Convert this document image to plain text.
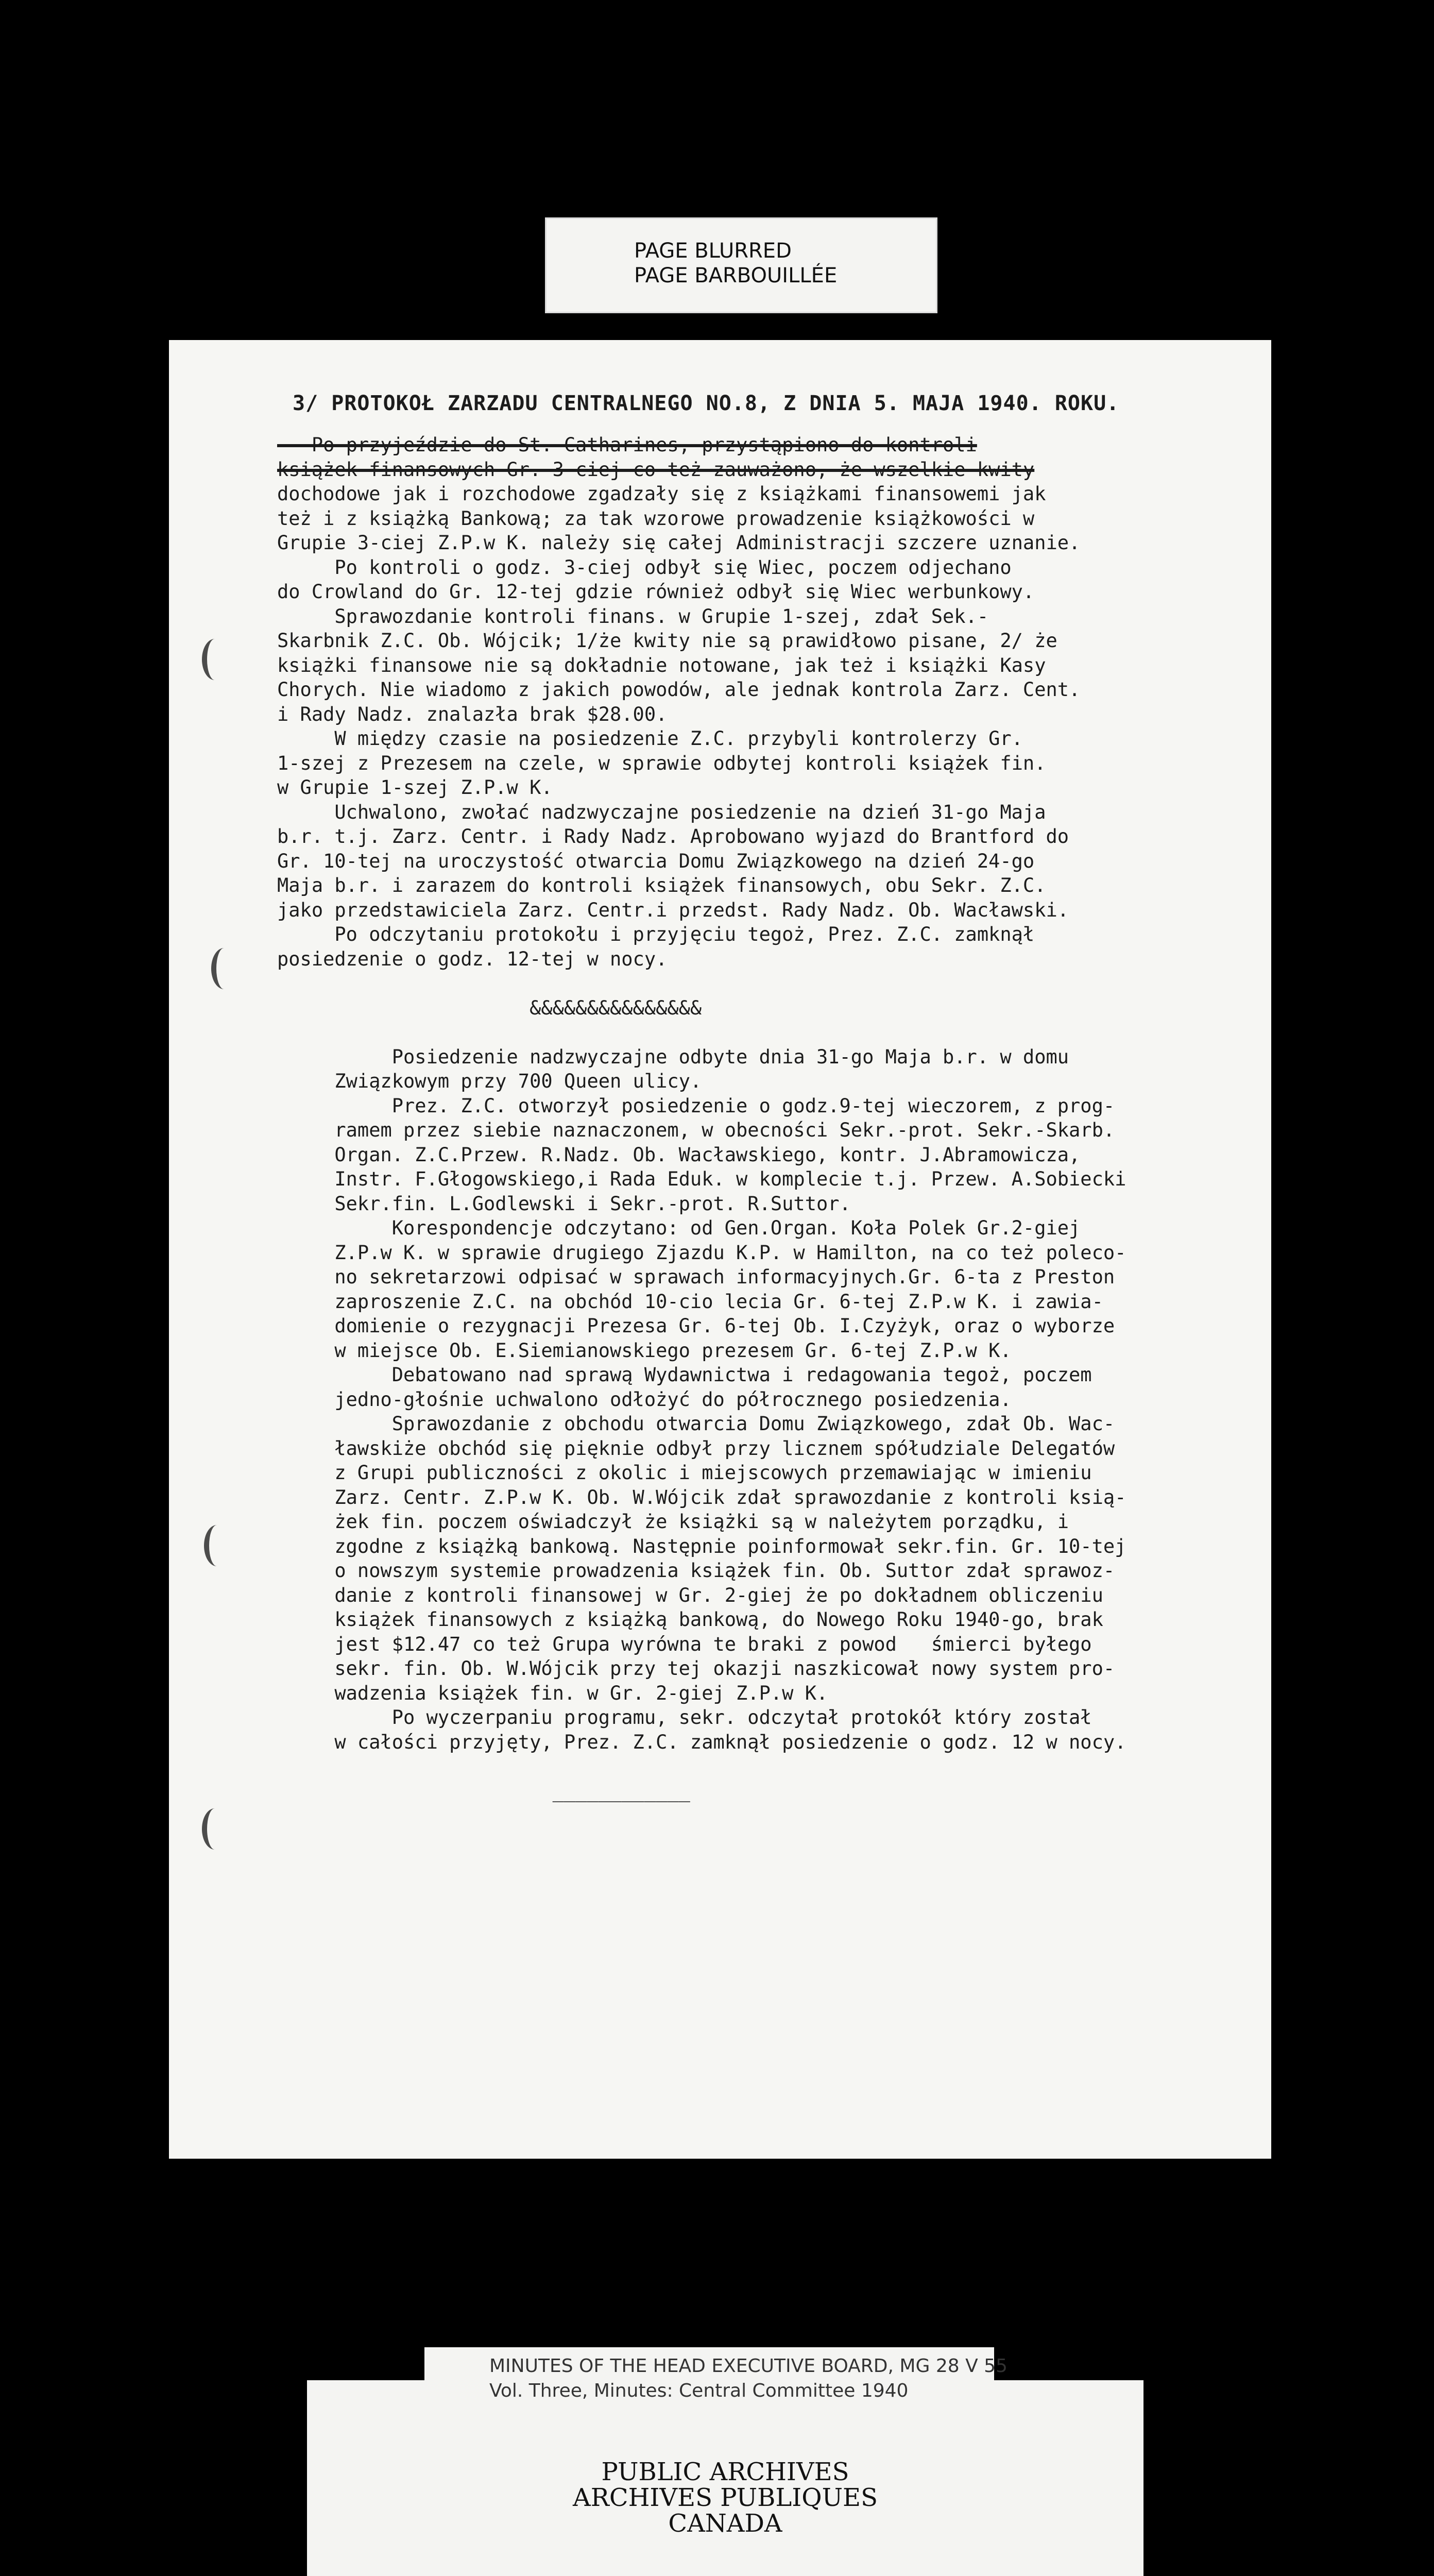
PAGE BLURRED
PAGE BARBOUILLÉE
3/ PROTOKOŁ ZARZADU CENTRALNEGO NO.8, Z DNIA 5. MAJA 1940. ROKU.
Po przyjeździe do St. Catharines, przystąpiono do kontroli
książek finansowych Gr. 3-ciej co też zauważono, że wszelkie kwity
dochodowe jak i rozchodowe zgadzały się z książkami finansowemi jak
też i z książką Bankową; za tak wzorowe prowadzenie książkowości w
Grupie 3-ciej Z.P.w K. należy się całej Administracji szczere uznanie.
Po kontroli o godz. 3-ciej odbył się Wiec, poczem odjechano
do Crowland do Gr. 12-tej gdzie również odbył się Wiec werbunkowy.
Sprawozdanie kontroli finans. w Grupie 1-szej, zdał Sek.-
Skarbnik Z.C. Ob. Wójcik; 1/że kwity nie są prawidłowo pisane, 2/ że
książki finansowe nie są dokładnie notowane, jak też i książki Kasy
Chorych. Nie wiadomo z jakich powodów, ale jednak kontrola Zarz. Cent.
i Rady Nadz. znalazła brak $28.00.
W między czasie na posiedzenie Z.C. przybyli kontrolerzy Gr.
1-szej z Prezesem na czele, w sprawie odbytej kontroli książek fin.
w Grupie 1-szej Z.P.w K.
Uchwalono, zwołać nadzwyczajne posiedzenie na dzień 31-go Maja
b.r. t.j. Zarz. Centr. i Rady Nadz. Aprobowano wyjazd do Brantford do
Gr. 10-tej na uroczystość otwarcia Domu Związkowego na dzień 24-go
Maja b.r. i zarazem do kontroli książek finansowych, obu Sekr. Z.C.
jako przedstawiciela Zarz. Centr.i przedst. Rady Nadz. Ob. Wacławski.
Po odczytaniu protokołu i przyjęciu tegoż, Prez. Z.C. zamknął
posiedzenie o godz. 12-tej w nocy.
&&&&&&&&&&&&&&&
Posiedzenie nadzwyczajne odbyte dnia 31-go Maja b.r. w domu
Związkowym przy 700 Queen ulicy.
Prez. Z.C. otworzył posiedzenie o godz.9-tej wieczorem, z prog-
ramem przez siebie naznaczonem, w obecności Sekr.-prot. Sekr.-Skarb.
Organ. Z.C.Przew. R.Nadz. Ob. Wacławskiego, kontr. J.Abramowicza,
Instr. F.Głogowskiego,i Rada Eduk. w komplecie t.j. Przew. A.Sobiecki
Sekr.fin. L.Godlewski i Sekr.-prot. R.Suttor.
Korespondencje odczytano: od Gen.Organ. Koła Polek Gr.2-giej
Z.P.w K. w sprawie drugiego Zjazdu K.P. w Hamilton, na co też poleco-
no sekretarzowi odpisać w sprawach informacyjnych.Gr. 6-ta z Preston
zaproszenie Z.C. na obchód 10-cio lecia Gr. 6-tej Z.P.w K. i zawia-
domienie o rezygnacji Prezesa Gr. 6-tej Ob. I.Czyżyk, oraz o wyborze
w miejsce Ob. E.Siemianowskiego prezesem Gr. 6-tej Z.P.w K.
Debatowano nad sprawą Wydawnictwa i redagowania tegoż, poczem
jedno-głośnie uchwalono odłożyć do półrocznego posiedzenia.
Sprawozdanie z obchodu otwarcia Domu Związkowego, zdał Ob. Wac-
ławskiże obchód się pięknie odbył przy licznem spółudziale Delegatów
z Grupi publiczności z okolic i miejscowych przemawiając w imieniu
Zarz. Centr. Z.P.w K. Ob. W.Wójcik zdał sprawozdanie z kontroli ksią-
żek fin. poczem oświadczył że książki są w należytem porządku, i
zgodne z książką bankową. Następnie poinformował sekr.fin. Gr. 10-tej
o nowszym systemie prowadzenia książek fin. Ob. Suttor zdał sprawoz-
danie z kontroli finansowej w Gr. 2-giej że po dokładnem obliczeniu
książek finansowych z książką bankową, do Nowego Roku 1940-go, brak
jest $12.47 co też Grupa wyrówna te braki z powod   śmierci byłego
sekr. fin. Ob. W.Wójcik przy tej okazji naszkicował nowy system pro-
wadzenia książek fin. w Gr. 2-giej Z.P.w K.
Po wyczerpaniu programu, sekr. odczytał protokół który został
w całości przyjęty, Prez. Z.C. zamknął posiedzenie o godz. 12 w nocy.
____________
MINUTES OF THE HEAD EXECUTIVE BOARD, MG 28 V 55
Vol. Three, Minutes: Central Committee 1940
PUBLIC ARCHIVES
ARCHIVES PUBLIQUES
CANADA
